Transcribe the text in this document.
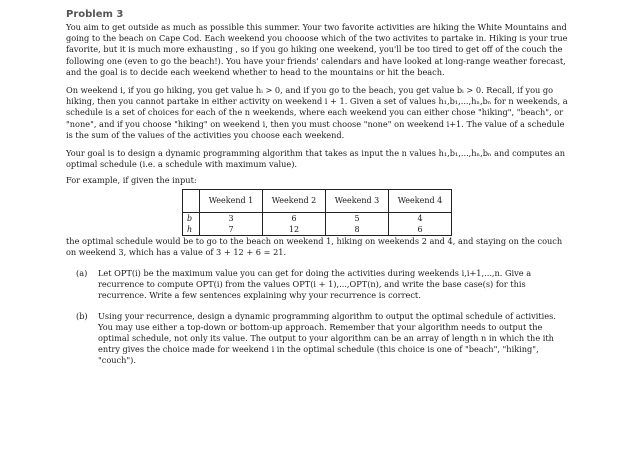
Problem 3

You aim to get outside as much as possible this summer. Your two favorite activities are hiking the White Mountains and going to the beach on Cape Cod. Each weekend you chooose which of the two activites to partake in. Hiking is your true favorite, but it is much more exhausting , so if you go hiking one weekend, you'll be too tired to get off of the couch the following one (even to go the beach!). You have your friends' calendars and have looked at long-range weather forecast, and the goal is to decide each weekend whether to head to the mountains or hit the beach.

On weekend i, if you go hiking, you get value hᵢ > 0, and if you go to the beach, you get value bᵢ > 0. Recall, if you go hiking, then you cannot partake in either activity on weekend i + 1. Given a set of values h₁,b₁,...,hₙ,bₙ for n weekends, a schedule is a set of choices for each of the n weekends, where each weekend you can either chose "hiking", "beach", or "none", and if you choose "hiking" on weekend i, then you must choose "none" on weekend i+1. The value of a schedule is the sum of the values of the activities you choose each weekend.

Your goal is to design a dynamic programming algorithm that takes as input the n values h₁,b₁,...,hₙ,bₙ and computes an optimal schedule (i.e. a schedule with maximum value).

For example, if given the input:

	Weekend 1	Weekend 2	Weekend 3	Weekend 4
b	3	6	5	4
h	7	12	8	6

the optimal schedule would be to go to the beach on weekend 1, hiking on weekends 2 and 4, and staying on the couch on weekend 3, which has a value of 3 + 12 + 6 = 21.

(a)	Let OPT(i) be the maximum value you can get for doing the activities during weekends i,i+1,...,n. Give a recurrence to compute OPT(i) from the values OPT(i + 1),...,OPT(n), and write the base case(s) for this recurrence. Write a few sentences explaining why your recurrence is correct.
(b)	Using your recurrence, design a dynamic programming algorithm to output the optimal schedule of activities. You may use either a top-down or bottom-up approach. Remember that your algorithm needs to output the optimal schedule, not only its value. The output to your algorithm can be an array of length n in which the ith entry gives the choice made for weekend i in the optimal schedule (this choice is one of "beach", "hiking", "couch").
